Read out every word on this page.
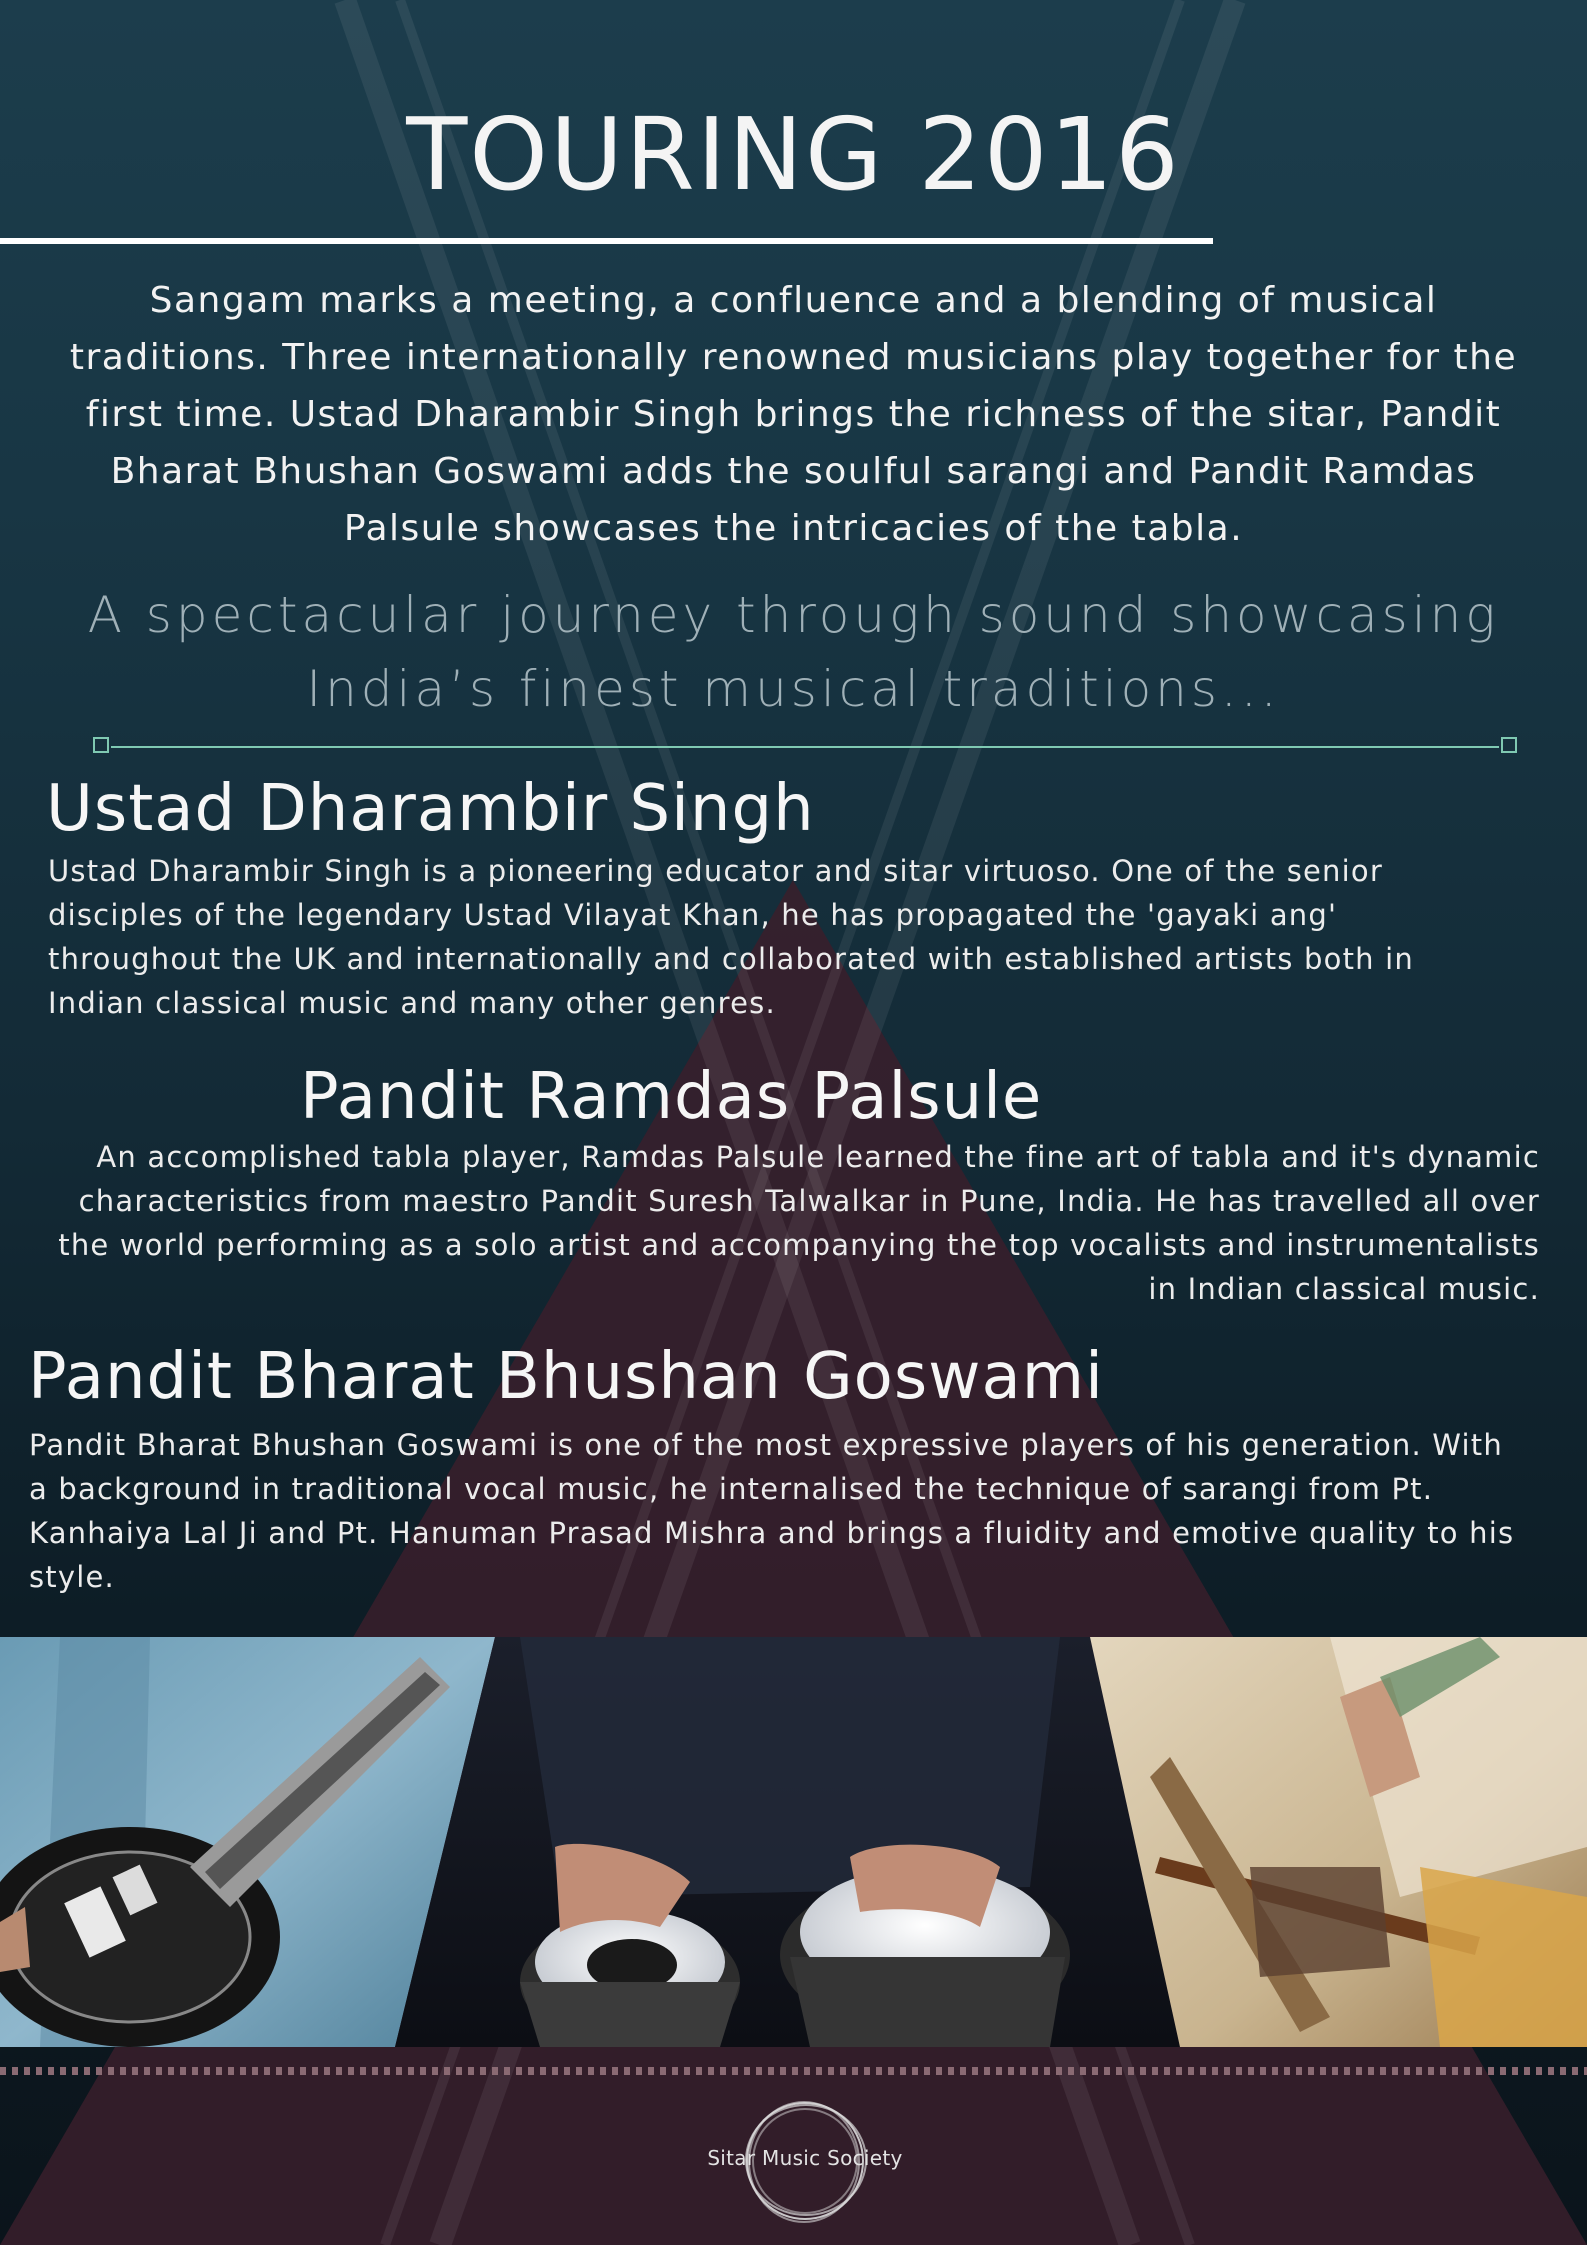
TOURING 2016

Sangam marks a meeting, a confluence and a blending of musical traditions. Three internationally renowned musicians play together for the first time. Ustad Dharambir Singh brings the richness of the sitar, Pandit Bharat Bhushan Goswami adds the soulful sarangi and Pandit Ramdas Palsule showcases the intricacies of the tabla.

A spectacular journey through sound showcasing India’s finest musical traditions...

Ustad Dharambir Singh

Ustad Dharambir Singh is a pioneering educator and sitar virtuoso. One of the senior disciples of the legendary Ustad Vilayat Khan, he has propagated the 'gayaki ang' throughout the UK and internationally and collaborated with established artists both in Indian classical music and many other genres.

Pandit Ramdas Palsule

An accomplished tabla player, Ramdas Palsule learned the fine art of tabla and it's dynamic characteristics from maestro Pandit Suresh Talwalkar in Pune, India. He has travelled all over the world performing as a solo artist and accompanying the top vocalists and instrumentalists in Indian classical music.

Pandit Bharat Bhushan Goswami

Pandit Bharat Bhushan Goswami is one of the most expressive players of his generation. With a background in traditional vocal music, he internalised the technique of sarangi from Pt. Kanhaiya Lal Ji and Pt. Hanuman Prasad Mishra and brings a fluidity and emotive quality to his style.

Sitar Music Society
